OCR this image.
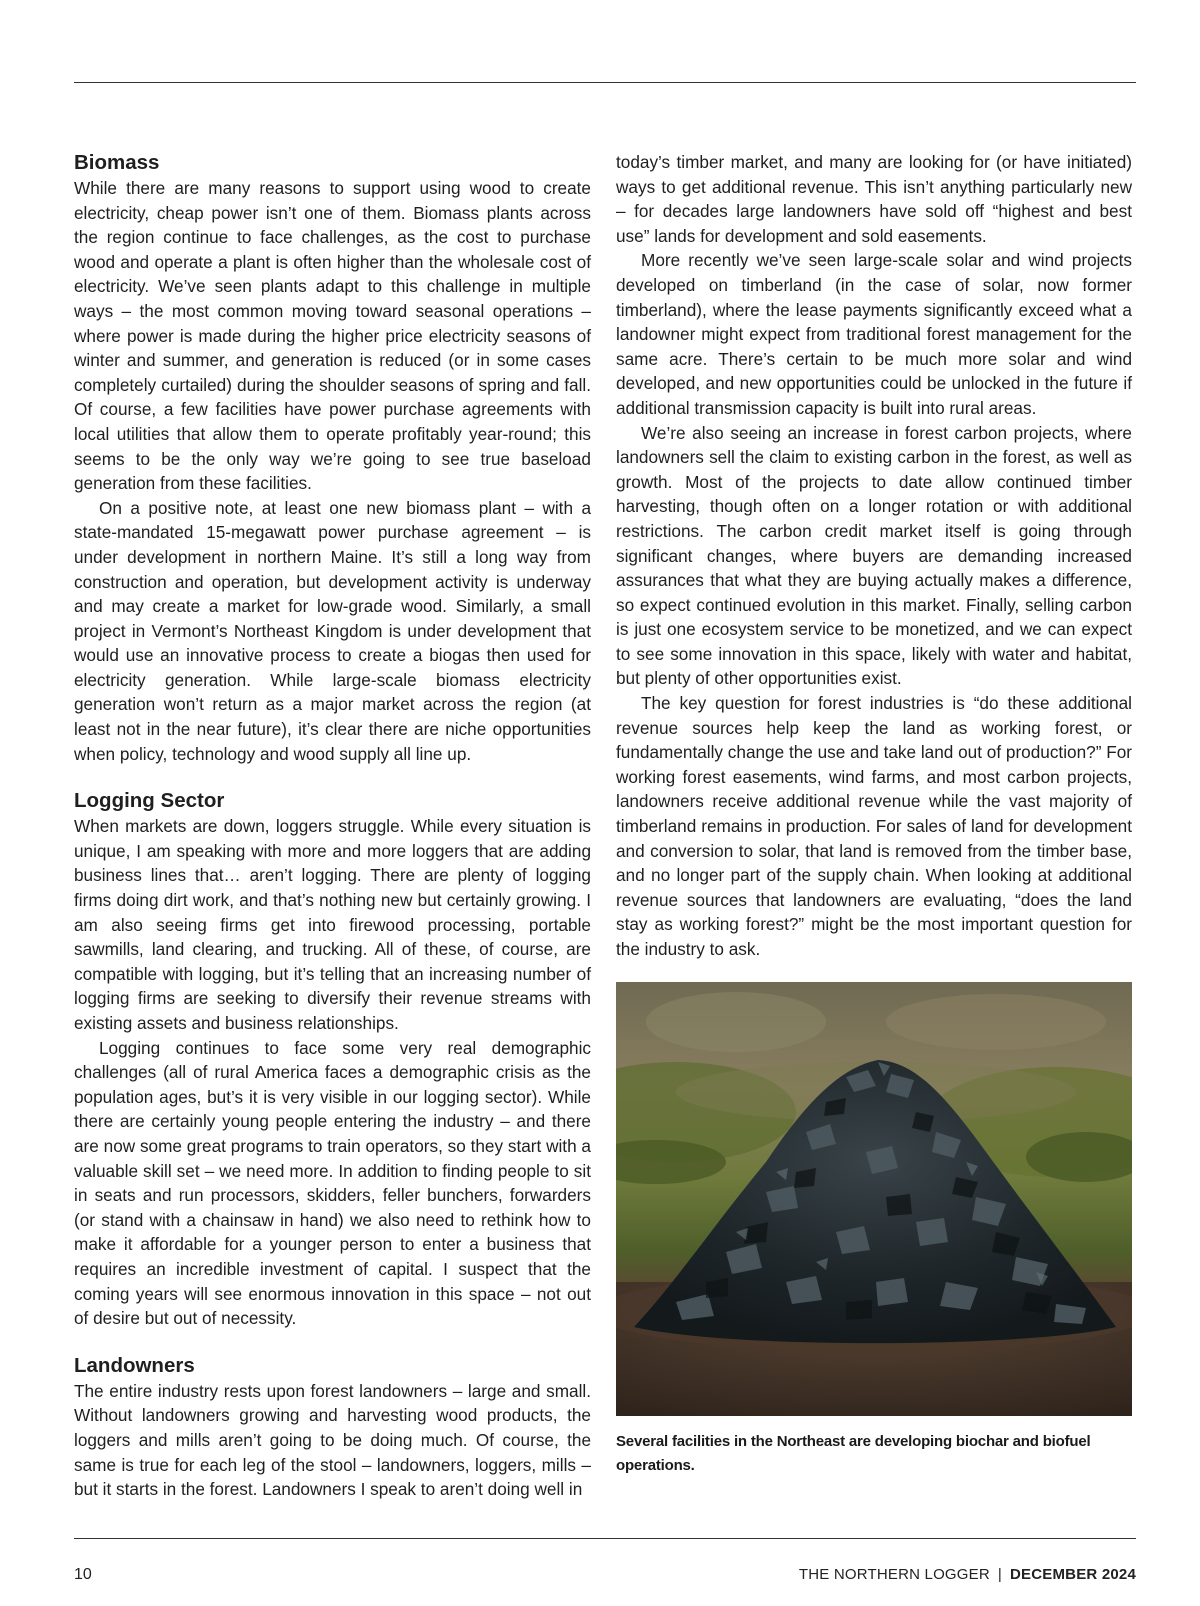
Biomass

While there are many reasons to support using wood to create electricity, cheap power isn’t one of them. Biomass plants across the region continue to face challenges, as the cost to purchase wood and operate a plant is often higher than the wholesale cost of electricity. We’ve seen plants adapt to this challenge in multiple ways – the most common moving toward seasonal operations – where power is made during the higher price electricity seasons of winter and summer, and generation is reduced (or in some cases completely curtailed) during the shoulder seasons of spring and fall. Of course, a few facilities have power purchase agreements with local utilities that allow them to operate profitably year-round; this seems to be the only way we’re going to see true baseload generation from these facilities.

On a positive note, at least one new biomass plant – with a state-mandated 15-megawatt power purchase agreement – is under development in northern Maine. It’s still a long way from construction and operation, but development activity is underway and may create a market for low-grade wood. Similarly, a small project in Vermont’s Northeast Kingdom is under development that would use an innovative process to create a biogas then used for electricity generation. While large-scale biomass electricity generation won’t return as a major market across the region (at least not in the near future), it’s clear there are niche opportunities when policy, technology and wood supply all line up.

Logging Sector

When markets are down, loggers struggle. While every situation is unique, I am speaking with more and more loggers that are adding business lines that… aren’t logging. There are plenty of logging firms doing dirt work, and that’s nothing new but certainly growing. I am also seeing firms get into firewood processing, portable sawmills, land clearing, and trucking. All of these, of course, are compatible with logging, but it’s telling that an increasing number of logging firms are seeking to diversify their revenue streams with existing assets and business relationships.

Logging continues to face some very real demographic challenges (all of rural America faces a demographic crisis as the population ages, but’s it is very visible in our logging sector). While there are certainly young people entering the industry – and there are now some great programs to train operators, so they start with a valuable skill set – we need more. In addition to finding people to sit in seats and run processors, skidders, feller bunchers, forwarders (or stand with a chainsaw in hand) we also need to rethink how to make it affordable for a younger person to enter a business that requires an incredible investment of capital. I suspect that the coming years will see enormous innovation in this space – not out of desire but out of necessity.

Landowners

The entire industry rests upon forest landowners – large and small. Without landowners growing and harvesting wood products, the loggers and mills aren’t going to be doing much. Of course, the same is true for each leg of the stool – landowners, loggers, mills – but it starts in the forest. Landowners I speak to aren’t doing well in

today’s timber market, and many are looking for (or have initiated) ways to get additional revenue. This isn’t anything particularly new – for decades large landowners have sold off “highest and best use” lands for development and sold easements.

More recently we’ve seen large-scale solar and wind projects developed on timberland (in the case of solar, now former timberland), where the lease payments significantly exceed what a landowner might expect from traditional forest management for the same acre. There’s certain to be much more solar and wind developed, and new opportunities could be unlocked in the future if additional transmission capacity is built into rural areas.

We’re also seeing an increase in forest carbon projects, where landowners sell the claim to existing carbon in the forest, as well as growth. Most of the projects to date allow continued timber harvesting, though often on a longer rotation or with additional restrictions. The carbon credit market itself is going through significant changes, where buyers are demanding increased assurances that what they are buying actually makes a difference, so expect continued evolution in this market. Finally, selling carbon is just one ecosystem service to be monetized, and we can expect to see some innovation in this space, likely with water and habitat, but plenty of other opportunities exist.

The key question for forest industries is “do these additional revenue sources help keep the land as working forest, or fundamentally change the use and take land out of production?” For working forest easements, wind farms, and most carbon projects, landowners receive additional revenue while the vast majority of timberland remains in production. For sales of land for development and conversion to solar, that land is removed from the timber base, and no longer part of the supply chain. When looking at additional revenue sources that landowners are evaluating, “does the land stay as working forest?” might be the most important question for the industry to ask.

Several facilities in the Northeast are developing biochar and biofuel operations.
10	THE NORTHERN LOGGER | DECEMBER 2024
